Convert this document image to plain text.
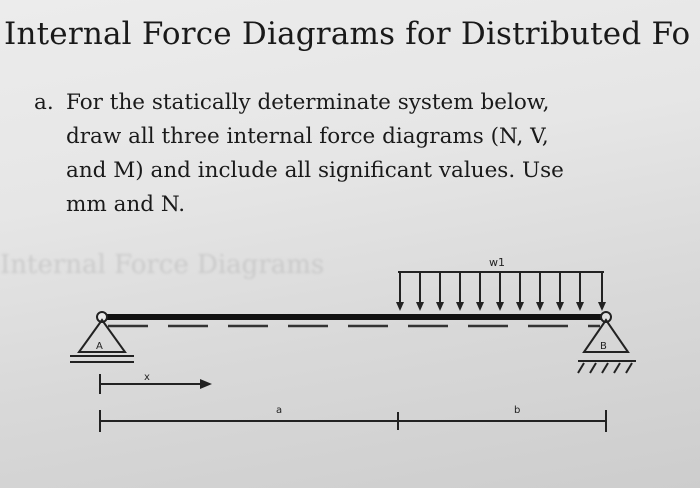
Internal Force Diagrams
Internal Force Diagrams for Distributed Fo
a. For the statically determinate system below,
draw all three internal force diagrams (N, V,
and M) and include all significant values. Use
mm and N.
w1
A	B
x
a	b
